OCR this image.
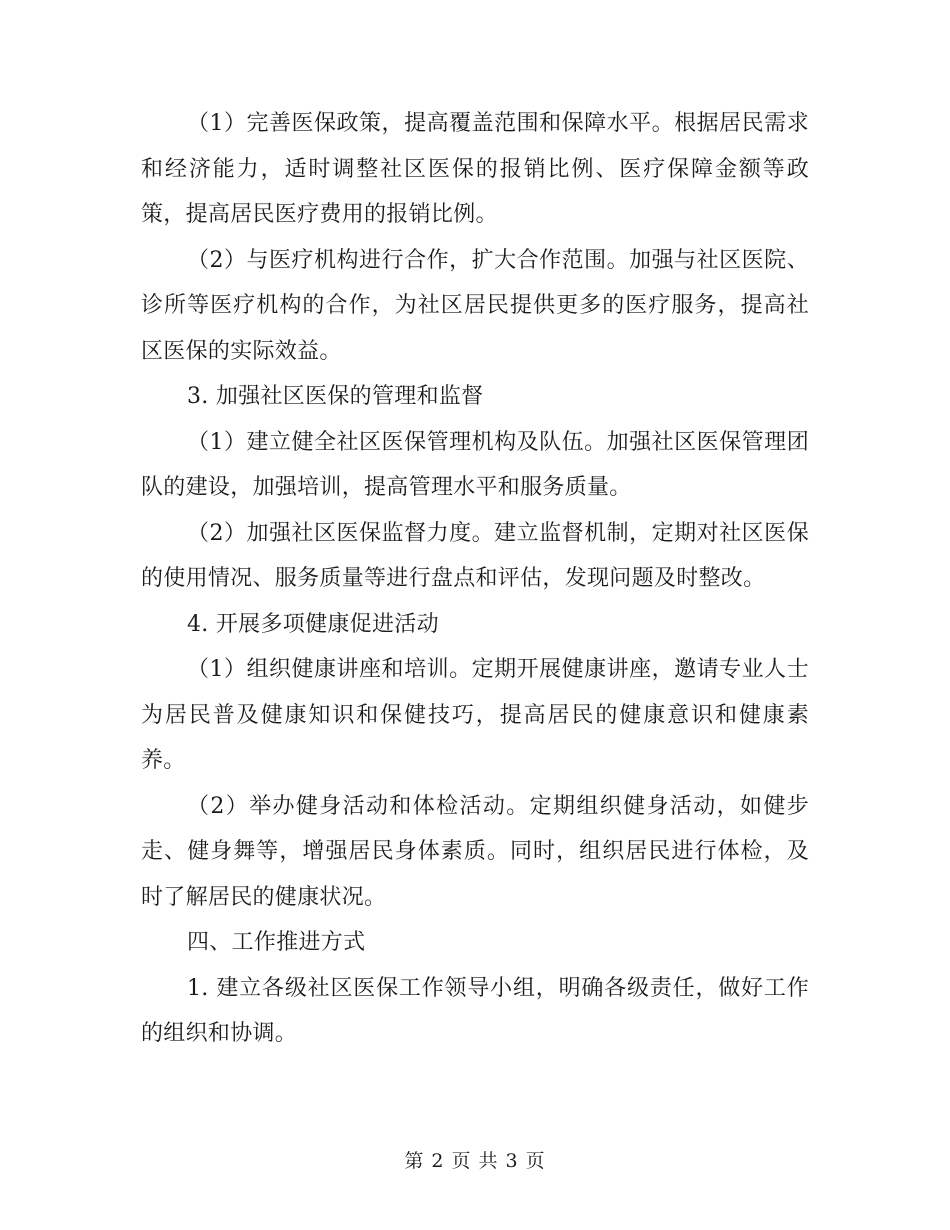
（1）完善医保政策，提高覆盖范围和保障水平。根据居民需求和经济能力，适时调整社区医保的报销比例、医疗保障金额等政策，提高居民医疗费用的报销比例。

（2）与医疗机构进行合作，扩大合作范围。加强与社区医院、诊所等医疗机构的合作，为社区居民提供更多的医疗服务，提高社区医保的实际效益。

3. 加强社区医保的管理和监督

（1）建立健全社区医保管理机构及队伍。加强社区医保管理团队的建设，加强培训，提高管理水平和服务质量。

（2）加强社区医保监督力度。建立监督机制，定期对社区医保的使用情况、服务质量等进行盘点和评估，发现问题及时整改。

4. 开展多项健康促进活动

（1）组织健康讲座和培训。定期开展健康讲座，邀请专业人士为居民普及健康知识和保健技巧，提高居民的健康意识和健康素养。

（2）举办健身活动和体检活动。定期组织健身活动，如健步走、健身舞等，增强居民身体素质。同时，组织居民进行体检，及时了解居民的健康状况。

四、工作推进方式

1. 建立各级社区医保工作领导小组，明确各级责任，做好工作的组织和协调。

第 2 页 共 3 页
